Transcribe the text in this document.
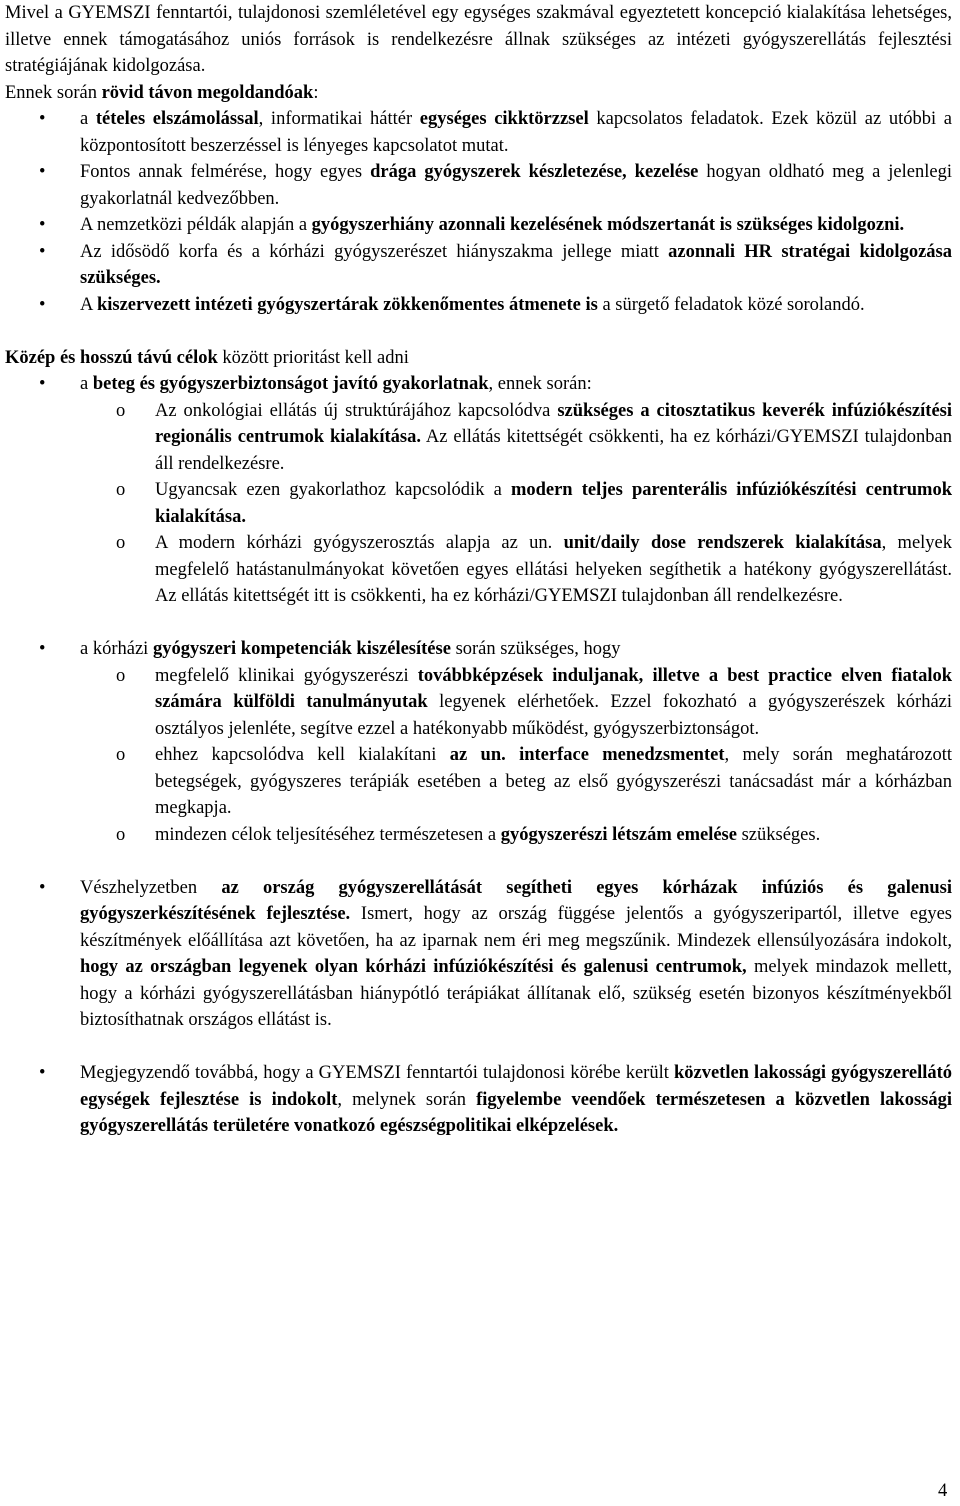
Mivel a GYEMSZI fenntartói, tulajdonosi szemléletével egy egységes szakmával egyeztetett koncepció kialakítása lehetséges, illetve ennek támogatásához uniós források is rendelkezésre állnak szükséges az intézeti gyógyszerellátás fejlesztési stratégiájának kidolgozása.

Ennek során rövid távon megoldandóak:

• a tételes elszámolással, informatikai háttér egységes cikktörzzsel kapcsolatos feladatok. Ezek közül az utóbbi a központosított beszerzéssel is lényeges kapcsolatot mutat.
• Fontos annak felmérése, hogy egyes drága gyógyszerek készletezése, kezelése hogyan oldható meg a jelenlegi gyakorlatnál kedvezőbben.
• A nemzetközi példák alapján a gyógyszerhiány azonnali kezelésének módszertanát is szükséges kidolgozni.
• Az idősödő korfa és a kórházi gyógyszerészet hiányszakma jellege miatt azonnali HR stratégai kidolgozása szükséges.
• A kiszervezett intézeti gyógyszertárak zökkenőmentes átmenete is a sürgető feladatok közé sorolandó.

Közép és hosszú távú célok között prioritást kell adni

• a beteg és gyógyszerbiztonságot javító gyakorlatnak, ennek során:
o Az onkológiai ellátás új struktúrájához kapcsolódva szükséges a citosztatikus keverék infúziókészítési regionális centrumok kialakítása. Az ellátás kitettségét csökkenti, ha ez kórházi/GYEMSZI tulajdonban áll rendelkezésre.
o Ugyancsak ezen gyakorlathoz kapcsolódik a modern teljes parenterális infúziókészítési centrumok kialakítása.
o A modern kórházi gyógyszerosztás alapja az un. unit/daily dose rendszerek kialakítása, melyek megfelelő hatástanulmányokat követően egyes ellátási helyeken segíthetik a hatékony gyógyszerellátást. Az ellátás kitettségét itt is csökkenti, ha ez kórházi/GYEMSZI tulajdonban áll rendelkezésre.
• a kórházi gyógyszeri kompetenciák kiszélesítése során szükséges, hogy
o megfelelő klinikai gyógyszerészi továbbképzések induljanak, illetve a best practice elven fiatalok számára külföldi tanulmányutak legyenek elérhetőek. Ezzel fokozható a gyógyszerészek kórházi osztályos jelenléte, segítve ezzel a hatékonyabb működést, gyógyszerbiztonságot.
o ehhez kapcsolódva kell kialakítani az un. interface menedzsmentet, mely során meghatározott betegségek, gyógyszeres terápiák esetében a beteg az első gyógyszerészi tanácsadást már a kórházban megkapja.
o mindezen célok teljesítéséhez természetesen a gyógyszerészi létszám emelése szükséges.
• Vészhelyzetben az ország gyógyszerellátását segítheti egyes kórházak infúziós és galenusi gyógyszerkészítésének fejlesztése. Ismert, hogy az ország függése jelentős a gyógyszeripartól, illetve egyes készítmények előállítása azt követően, ha az iparnak nem éri meg megszűnik. Mindezek ellensúlyozására indokolt, hogy az országban legyenek olyan kórházi infúziókészítési és galenusi centrumok, melyek mindazok mellett, hogy a kórházi gyógyszerellátásban hiánypótló terápiákat állítanak elő, szükség esetén bizonyos készítményekből biztosíthatnak országos ellátást is.
• Megjegyzendő továbbá, hogy a GYEMSZI fenntartói tulajdonosi körébe került közvetlen lakossági gyógyszerellátó egységek fejlesztése is indokolt, melynek során figyelembe veendőek természetesen a közvetlen lakossági gyógyszerellátás területére vonatkozó egészségpolitikai elképzelések.
4
